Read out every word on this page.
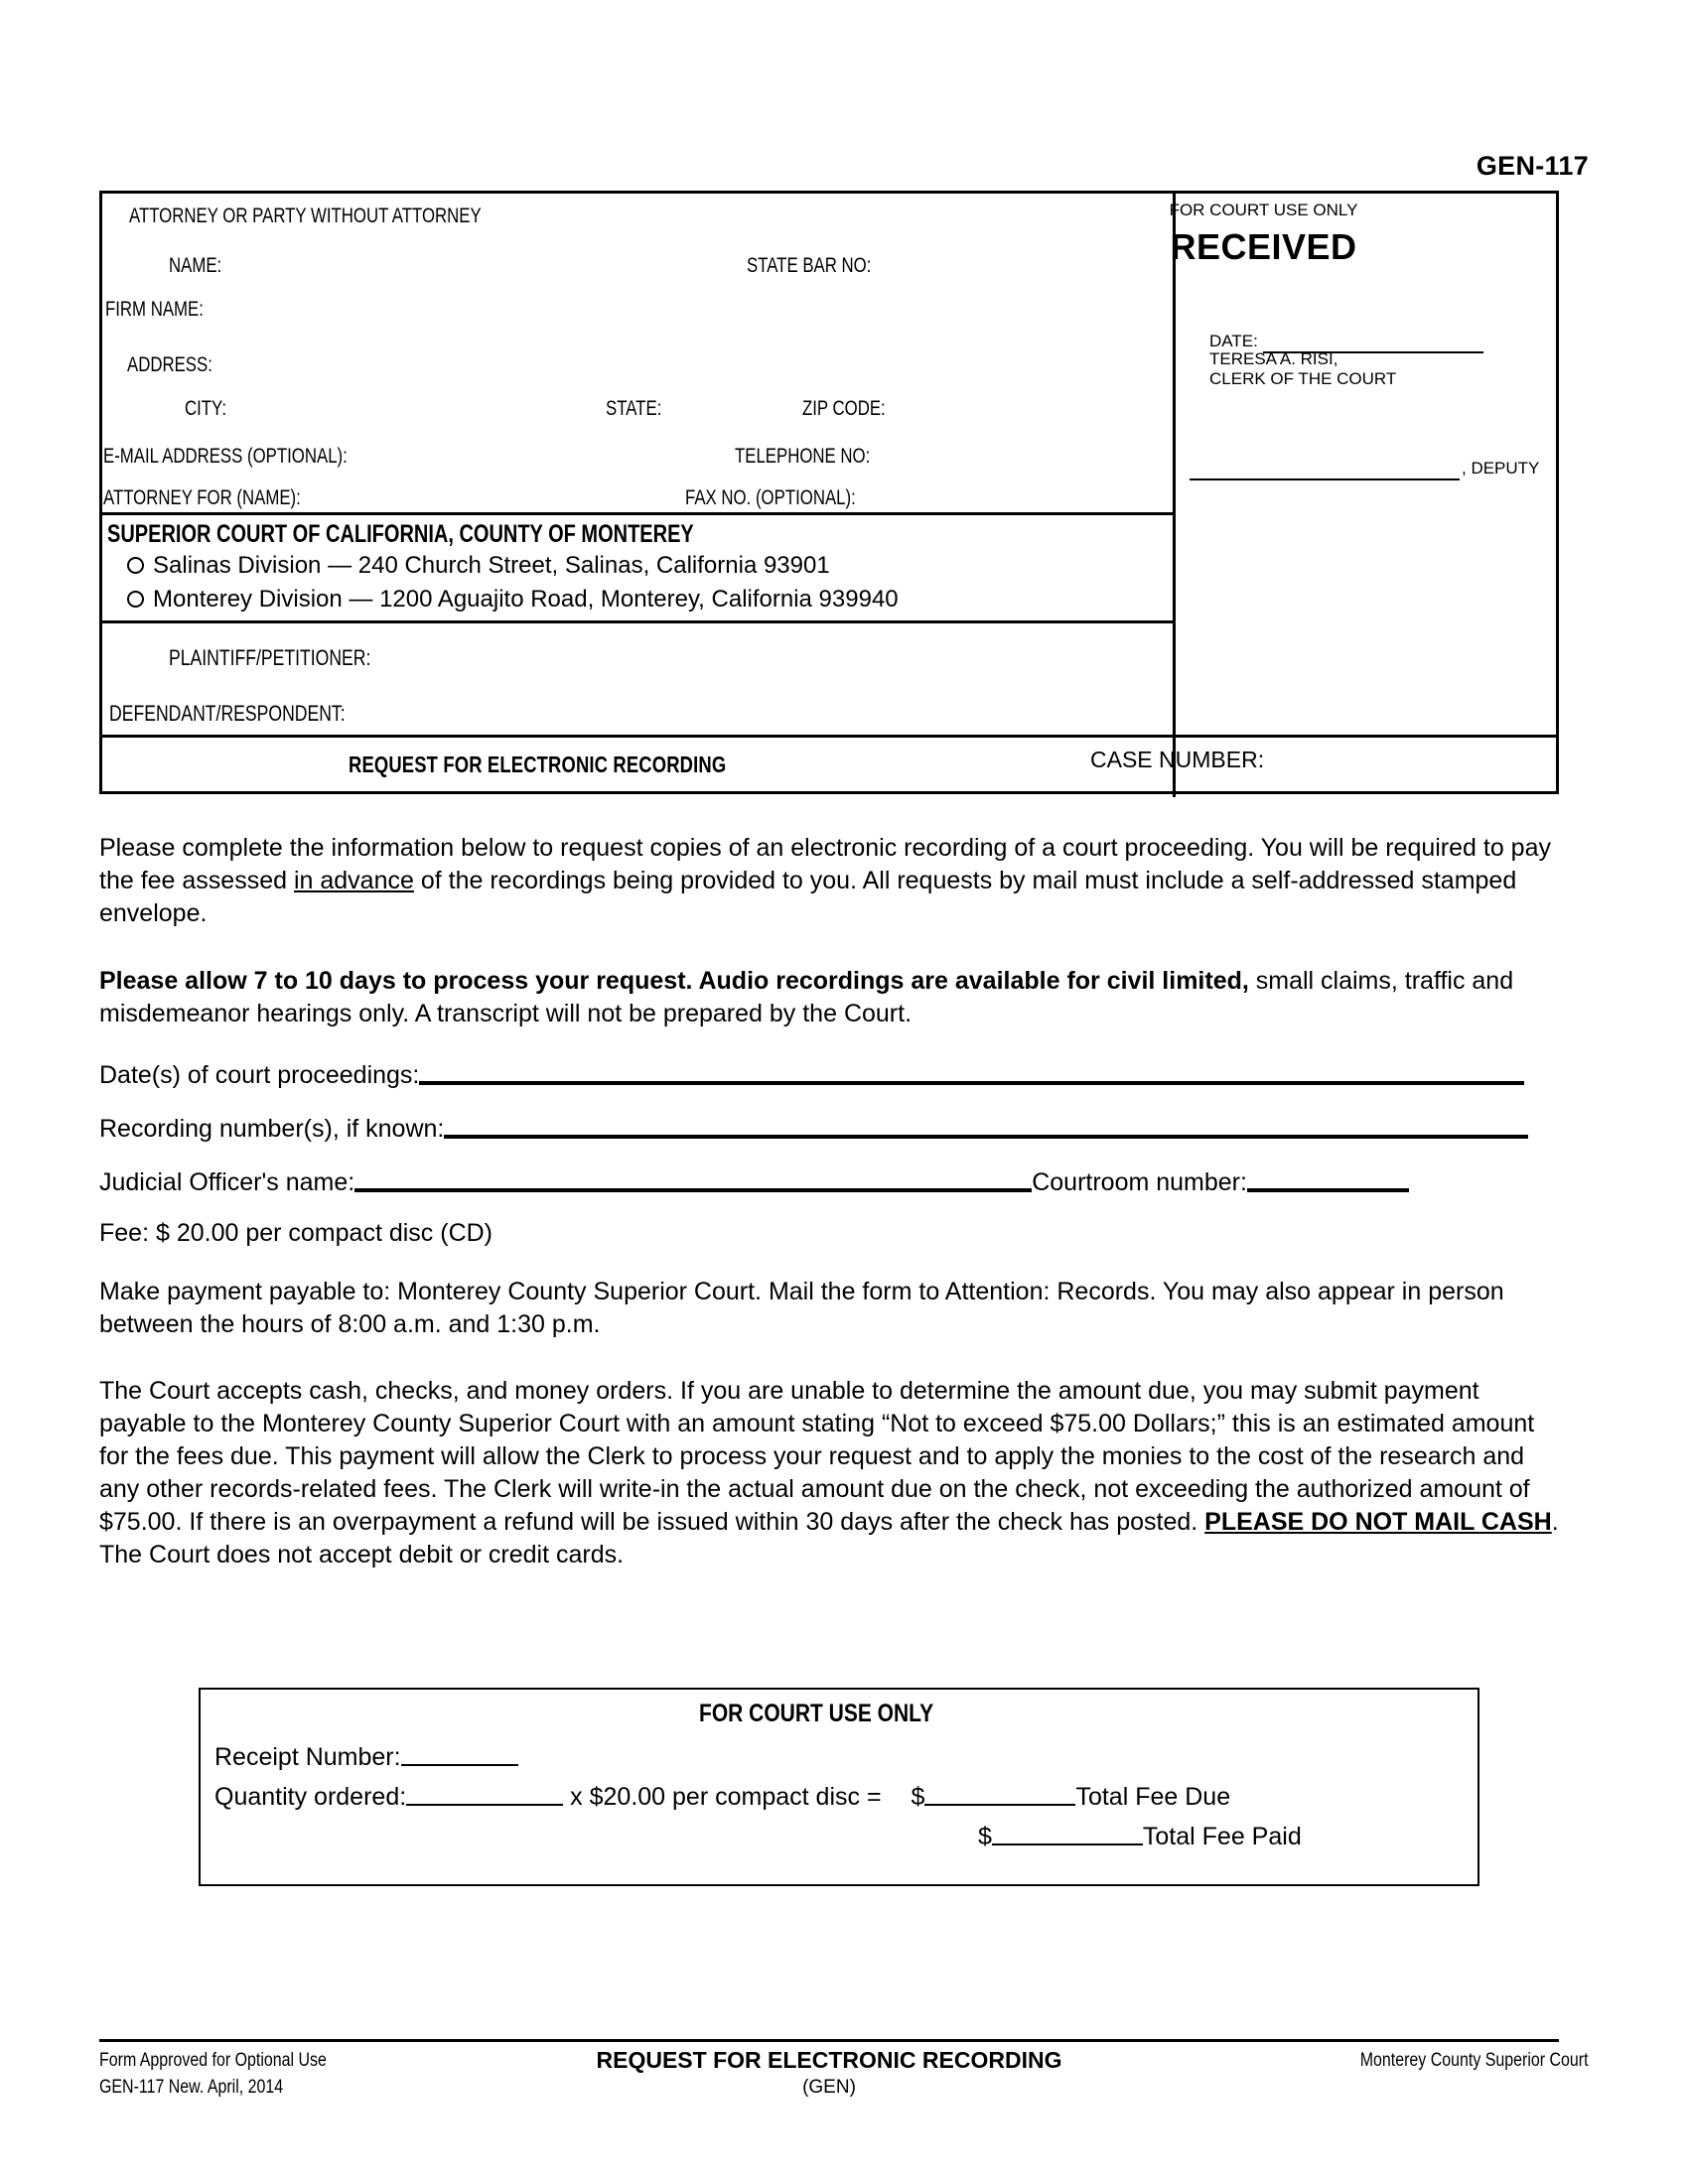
GEN-117
ATTORNEY OR PARTY WITHOUT ATTORNEY
NAME:	STATE BAR NO:
FIRM NAME:
ADDRESS:
CITY:	STATE:	ZIP CODE:
E-MAIL ADDRESS (OPTIONAL):	TELEPHONE NO:
ATTORNEY FOR (NAME):	FAX NO. (OPTIONAL):
FOR COURT USE ONLY
RECEIVED
DATE:
TERESA A. RISI,
CLERK OF THE COURT
, DEPUTY
SUPERIOR COURT OF CALIFORNIA, COUNTY OF MONTEREY
Salinas Division — 240 Church Street, Salinas, California 93901
Monterey Division — 1200 Aguajito Road, Monterey, California 939940
PLAINTIFF/PETITIONER:
DEFENDANT/RESPONDENT:
REQUEST FOR ELECTRONIC RECORDING	CASE NUMBER:
Please complete the information below to request copies of an electronic recording of a court proceeding. You will be required to pay the fee assessed in advance of the recordings being provided to you. All requests by mail must include a self-addressed stamped envelope.
Please allow 7 to 10 days to process your request. Audio recordings are available for civil limited, small claims, traffic and misdemeanor hearings only. A transcript will not be prepared by the Court.
Date(s) of court proceedings:
Recording number(s), if known:
Judicial Officer's name:	Courtroom number:
Fee: $ 20.00 per compact disc (CD)
Make payment payable to: Monterey County Superior Court. Mail the form to Attention: Records. You may also appear in person between the hours of 8:00 a.m. and 1:30 p.m.
The Court accepts cash, checks, and money orders. If you are unable to determine the amount due, you may submit payment payable to the Monterey County Superior Court with an amount stating “Not to exceed $75.00 Dollars;” this is an estimated amount for the fees due. This payment will allow the Clerk to process your request and to apply the monies to the cost of the research and any other records-related fees. The Clerk will write-in the actual amount due on the check, not exceeding the authorized amount of $75.00. If there is an overpayment a refund will be issued within 30 days after the check has posted. PLEASE DO NOT MAIL CASH. The Court does not accept debit or credit cards.
FOR COURT USE ONLY
Receipt Number:
Quantity ordered:	x $20.00 per compact disc = $	Total Fee Due
$	Total Fee Paid
Form Approved for Optional Use
GEN-117 New. April, 2014
REQUEST FOR ELECTRONIC RECORDING
(GEN)
Monterey County Superior Court
